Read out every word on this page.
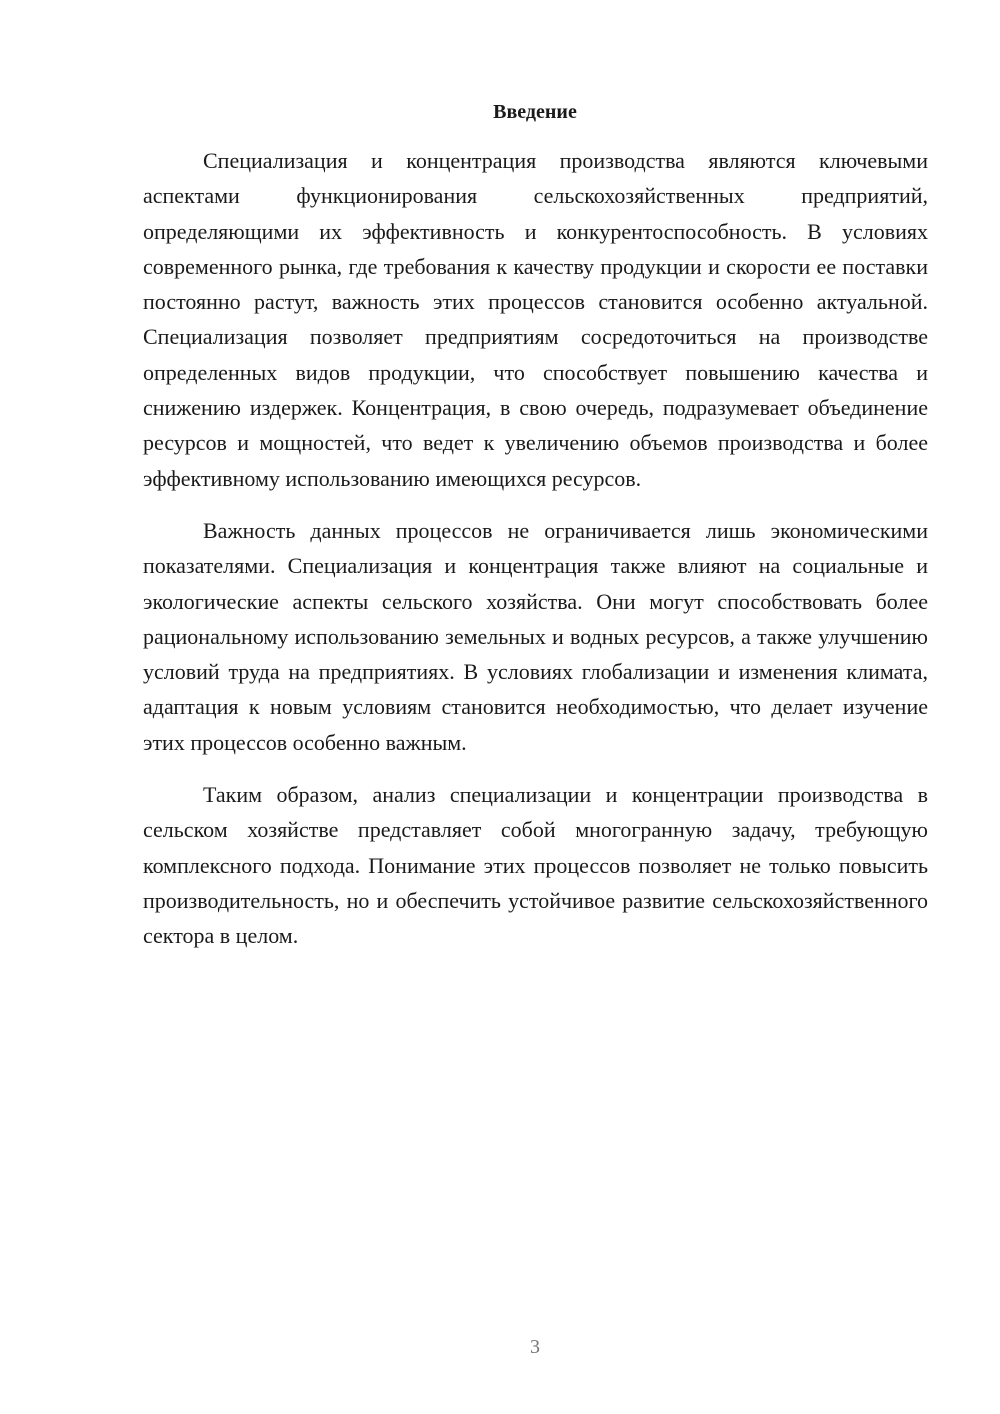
Введение

Специализация и концентрация производства являются ключевыми аспектами функционирования сельскохозяйственных предприятий, определяющими их эффективность и конкурентоспособность. В условиях современного рынка, где требования к качеству продукции и скорости ее поставки постоянно растут, важность этих процессов становится особенно актуальной. Специализация позволяет предприятиям сосредоточиться на производстве определенных видов продукции, что способствует повышению качества и снижению издержек. Концентрация, в свою очередь, подразумевает объединение ресурсов и мощностей, что ведет к увеличению объемов производства и более эффективному использованию имеющихся ресурсов.

Важность данных процессов не ограничивается лишь экономическими показателями. Специализация и концентрация также влияют на социальные и экологические аспекты сельского хозяйства. Они могут способствовать более рациональному использованию земельных и водных ресурсов, а также улучшению условий труда на предприятиях. В условиях глобализации и изменения климата, адаптация к новым условиям становится необходимостью, что делает изучение этих процессов особенно важным.

Таким образом, анализ специализации и концентрации производства в сельском хозяйстве представляет собой многогранную задачу, требующую комплексного подхода. Понимание этих процессов позволяет не только повысить производительность, но и обеспечить устойчивое развитие сельскохозяйственного сектора в целом.

3
